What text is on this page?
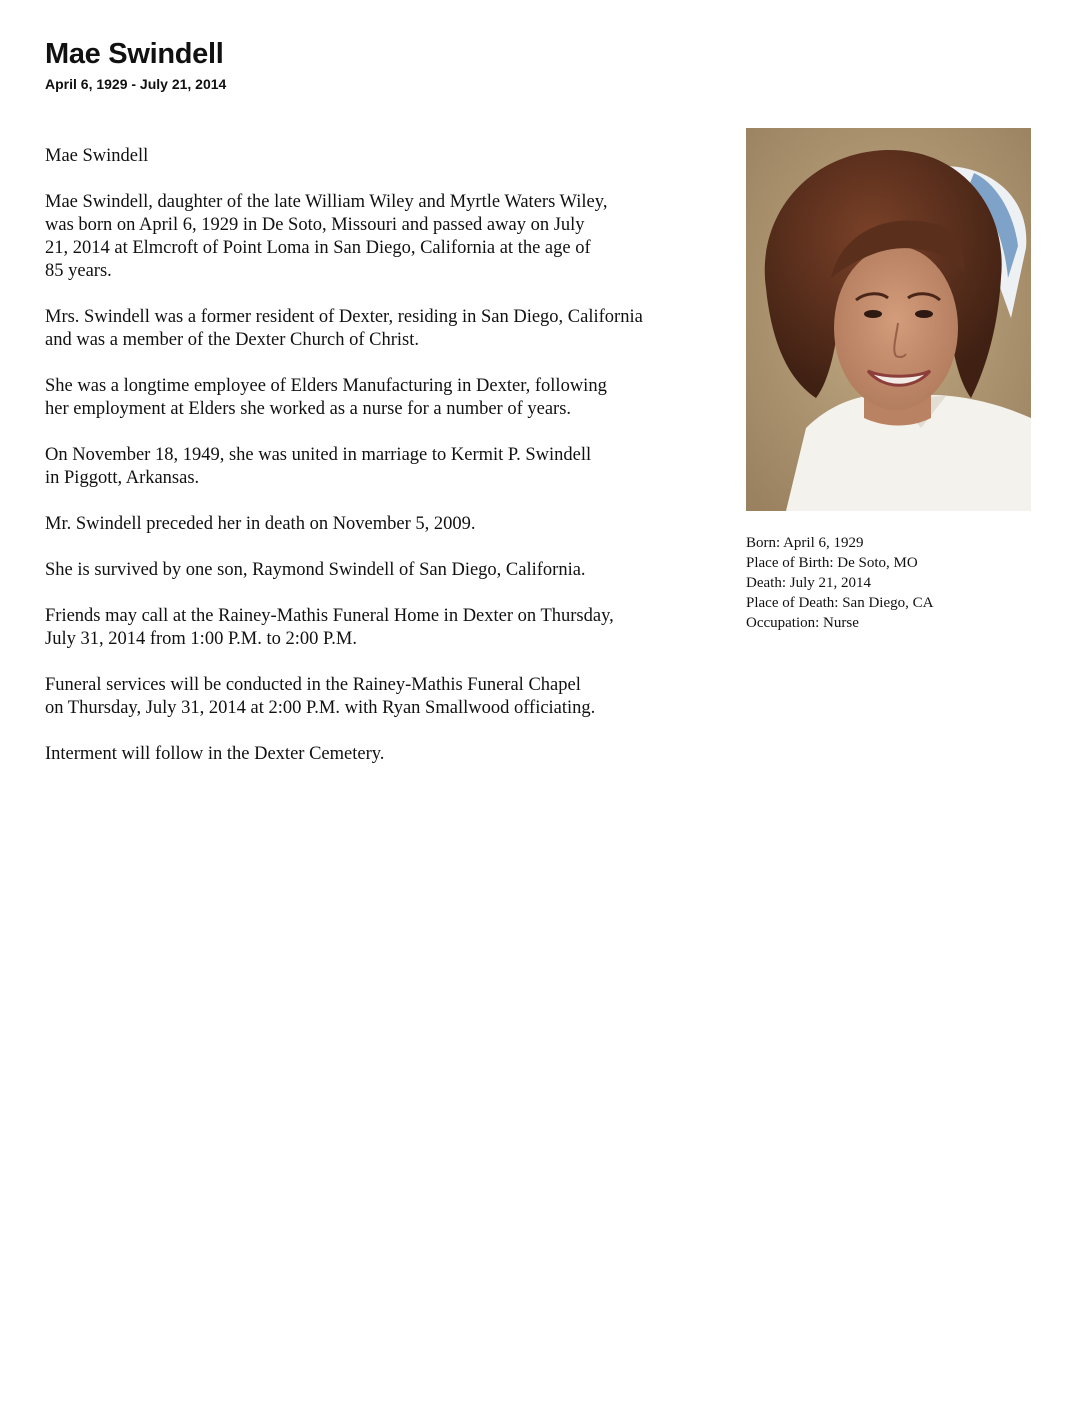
Mae Swindell
April 6, 1929 - July 21, 2014

Mae Swindell

Mae Swindell, daughter of the late William Wiley and Myrtle Waters Wiley,
was born on April 6, 1929 in De Soto, Missouri and passed away on July
21, 2014 at Elmcroft of Point Loma in San Diego, California at the age of
85 years.

Mrs. Swindell was a former resident of Dexter, residing in San Diego, California
and was a member of the Dexter Church of Christ.

She was a longtime employee of Elders Manufacturing in Dexter, following
her employment at Elders she worked as a nurse for a number of years.

On November 18, 1949, she was united in marriage to Kermit P. Swindell
in Piggott, Arkansas.

Mr. Swindell preceded her in death on November 5, 2009.

She is survived by one son, Raymond Swindell of San Diego, California.

Friends may call at the Rainey-Mathis Funeral Home in Dexter on Thursday,
July 31, 2014 from 1:00 P.M. to 2:00 P.M.

Funeral services will be conducted in the Rainey-Mathis Funeral Chapel
on Thursday, July 31, 2014 at 2:00 P.M. with Ryan Smallwood officiating.

Interment will follow in the Dexter Cemetery.

Born: April 6, 1929
Place of Birth: De Soto, MO
Death: July 21, 2014
Place of Death: San Diego, CA
Occupation: Nurse
